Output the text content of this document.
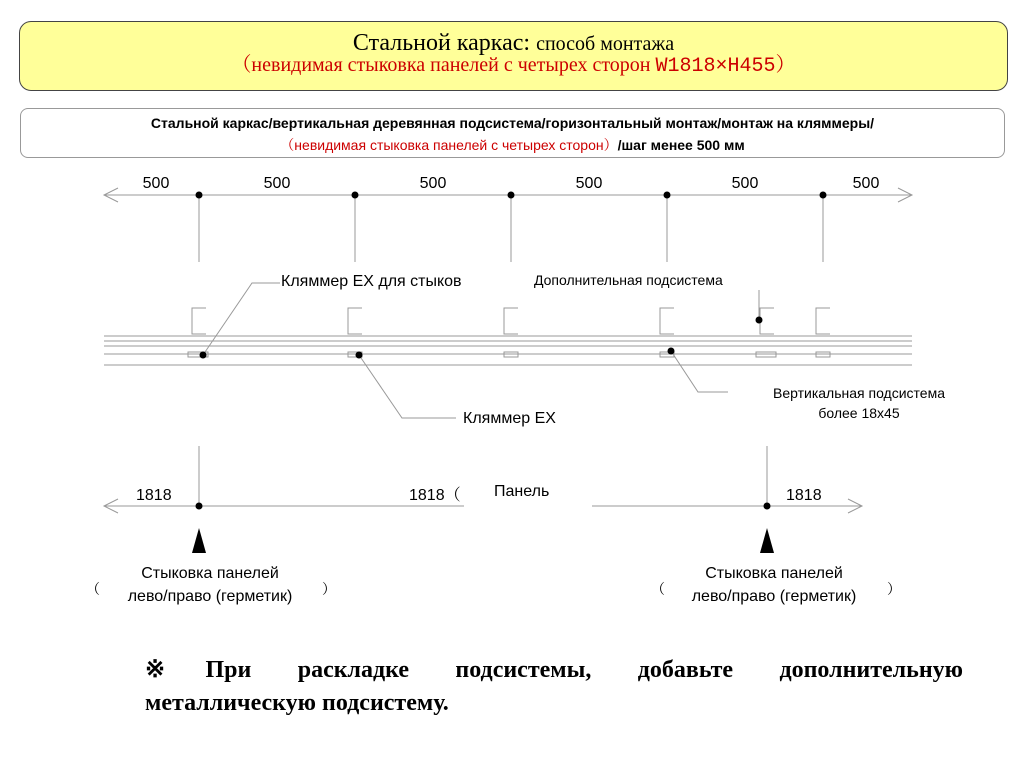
Стальной каркас: способ монтажа
（невидимая стыковка панелей с четырех сторон W1818×H455）
Стальной каркас/вертикальная деревянная подсистема/горизонтальный монтаж/монтаж на кляммеры/
（невидимая стыковка панелей с четырех сторон）/шаг менее 500 мм
500	500	500	500	500	500
Кляммер EX для стыков	Дополнительная подсистема
Кляммер EX
Вертикальная подсистема
более 18x45
1818	1818（ Панель	1818
Стыковка панелей
лево/право (герметик)
（	）
Стыковка панелей
лево/право (герметик)
（	）
※При раскладке подсистемы, добавьте дополнительную
металлическую подсистему.
